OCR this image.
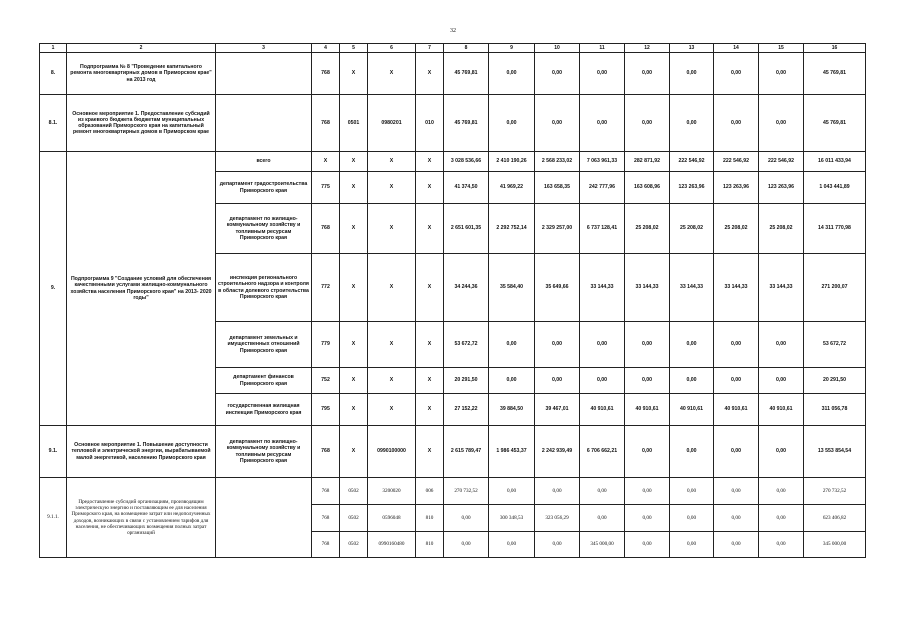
32
1	2	3	4	5	6	7	8	9	10	11	12	13	14	15	16
8.	Подпрограмма № 8 "Проведение капитального ремонта многоквартирных домов в Приморском крае" на 2013 год		768	X	X	X	45 769,81	0,00	0,00	0,00	0,00	0,00	0,00	0,00	45 769,81
8.1.	Основное мероприятие 1. Предоставление субсидий из краевого бюджета бюджетам муниципальных образований Приморского края на капитальный ремонт многоквартирных домов в Приморском крае		768	0501	0980201	010	45 769,81	0,00	0,00	0,00	0,00	0,00	0,00	0,00	45 769,81
9.	Подпрограмма 9 "Создание условий для обеспечения качественными услугами жилищно-коммунального хозяйства населения Приморского края" на 2013- 2020 годы"	всего	X	X	X	X	3 028 536,66	2 410 190,26	2 568 233,02	7 063 961,33	282 871,92	222 546,92	222 546,92	222 546,92	16 011 433,94
		департамент градостроительства Приморского края	775	X	X	X	41 374,50	41 969,22	163 658,35	242 777,96	163 608,96	123 263,96	123 263,96	123 263,96	1 043 441,89
		департамент по жилищно-коммунальному хозяйству и топливным ресурсам Приморского края	768	X	X	X	2 651 601,35	2 292 752,14	2 329 257,00	6 737 128,41	25 208,02	25 208,02	25 208,02	25 208,02	14 311 770,98
		инспекция регионального строительного надзора и контроля в области долевого строительства Приморского края	772	X	X	X	34 244,36	35 584,40	35 649,66	33 144,33	33 144,33	33 144,33	33 144,33	33 144,33	271 200,07
		департамент земельных и имущественных отношений Приморского края	779	X	X	X	53 672,72	0,00	0,00	0,00	0,00	0,00	0,00	0,00	53 672,72
		департамент финансов Приморского края	752	X	X	X	20 291,50	0,00	0,00	0,00	0,00	0,00	0,00	0,00	20 291,50
		государственная жилищная инспекция Приморского края	795	X	X	X	27 152,22	39 884,50	39 467,01	40 910,61	40 910,61	40 910,61	40 910,61	40 910,61	311 056,78
9.1.	Основное мероприятие 1. Повышение доступности тепловой и электрической энергии, вырабатываемой малой энергетикой, населению Приморского края	департамент по жилищно-коммунальному хозяйству и топливным ресурсам Приморского края	768	X	0990100000	X	2 615 789,47	1 986 453,37	2 242 939,49	6 706 662,21	0,00	0,00	0,00	0,00	13 553 854,54
9.1.1.	Предоставление субсидий организациям, производящим электрическую энергию и поставляющим ее для населения Приморского края, на возмещение затрат или недополученных доходов, возникающих в связи с установлением тарифов для населения, не обеспечивающих возмещения полных затрат организаций		768	0502	3200020	006	270 732,52	0,00	0,00	0,00	0,00	0,00	0,00	0,00	270 732,52
			768	0502	0596048	810	0,00	300 348,53	323 056,29	0,00	0,00	0,00	0,00	0,00	623 406,82
			768	0502	0990160480	810	0,00	0,00	0,00	345 000,00	0,00	0,00	0,00	0,00	345 000,00
